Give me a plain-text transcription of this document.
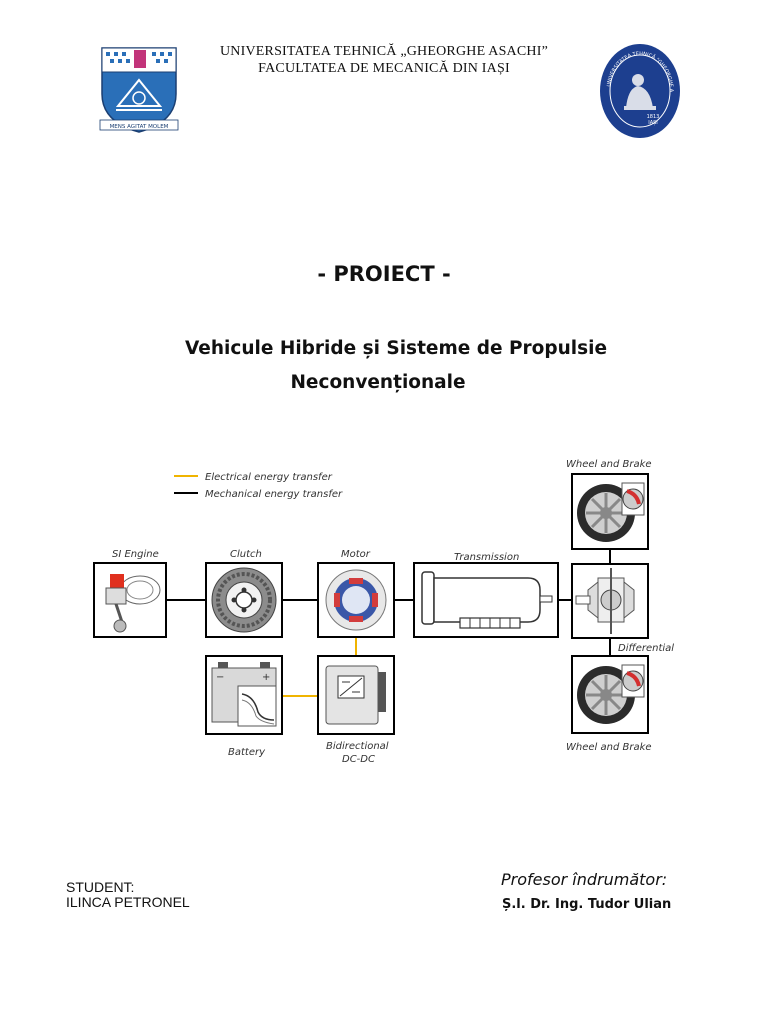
MENS AGITAT MOLEM
UNIVERSITATEA TEHNICĂ „GHEORGHE ASACHI”
FACULTATEA DE MECANICĂ DIN IAȘI
UNIVERSITATEA TEHNICĂ "GHEORGHE A
1813
IAȘI
- PROIECT -
Vehicule Hibride și Sisteme de Propulsie
Neconvenționale
Electrical energy transfer
Mechanical energy transfer
SI Engine	Clutch	Motor	Transmission
Wheel and Brake
Differential
Wheel and Brake
−	+
Battery
Bidirectional
DC-DC
STUDENT:
ILINCA PETRONEL
Profesor îndrumător:
Ș.l. Dr. Ing. Tudor Ulian
